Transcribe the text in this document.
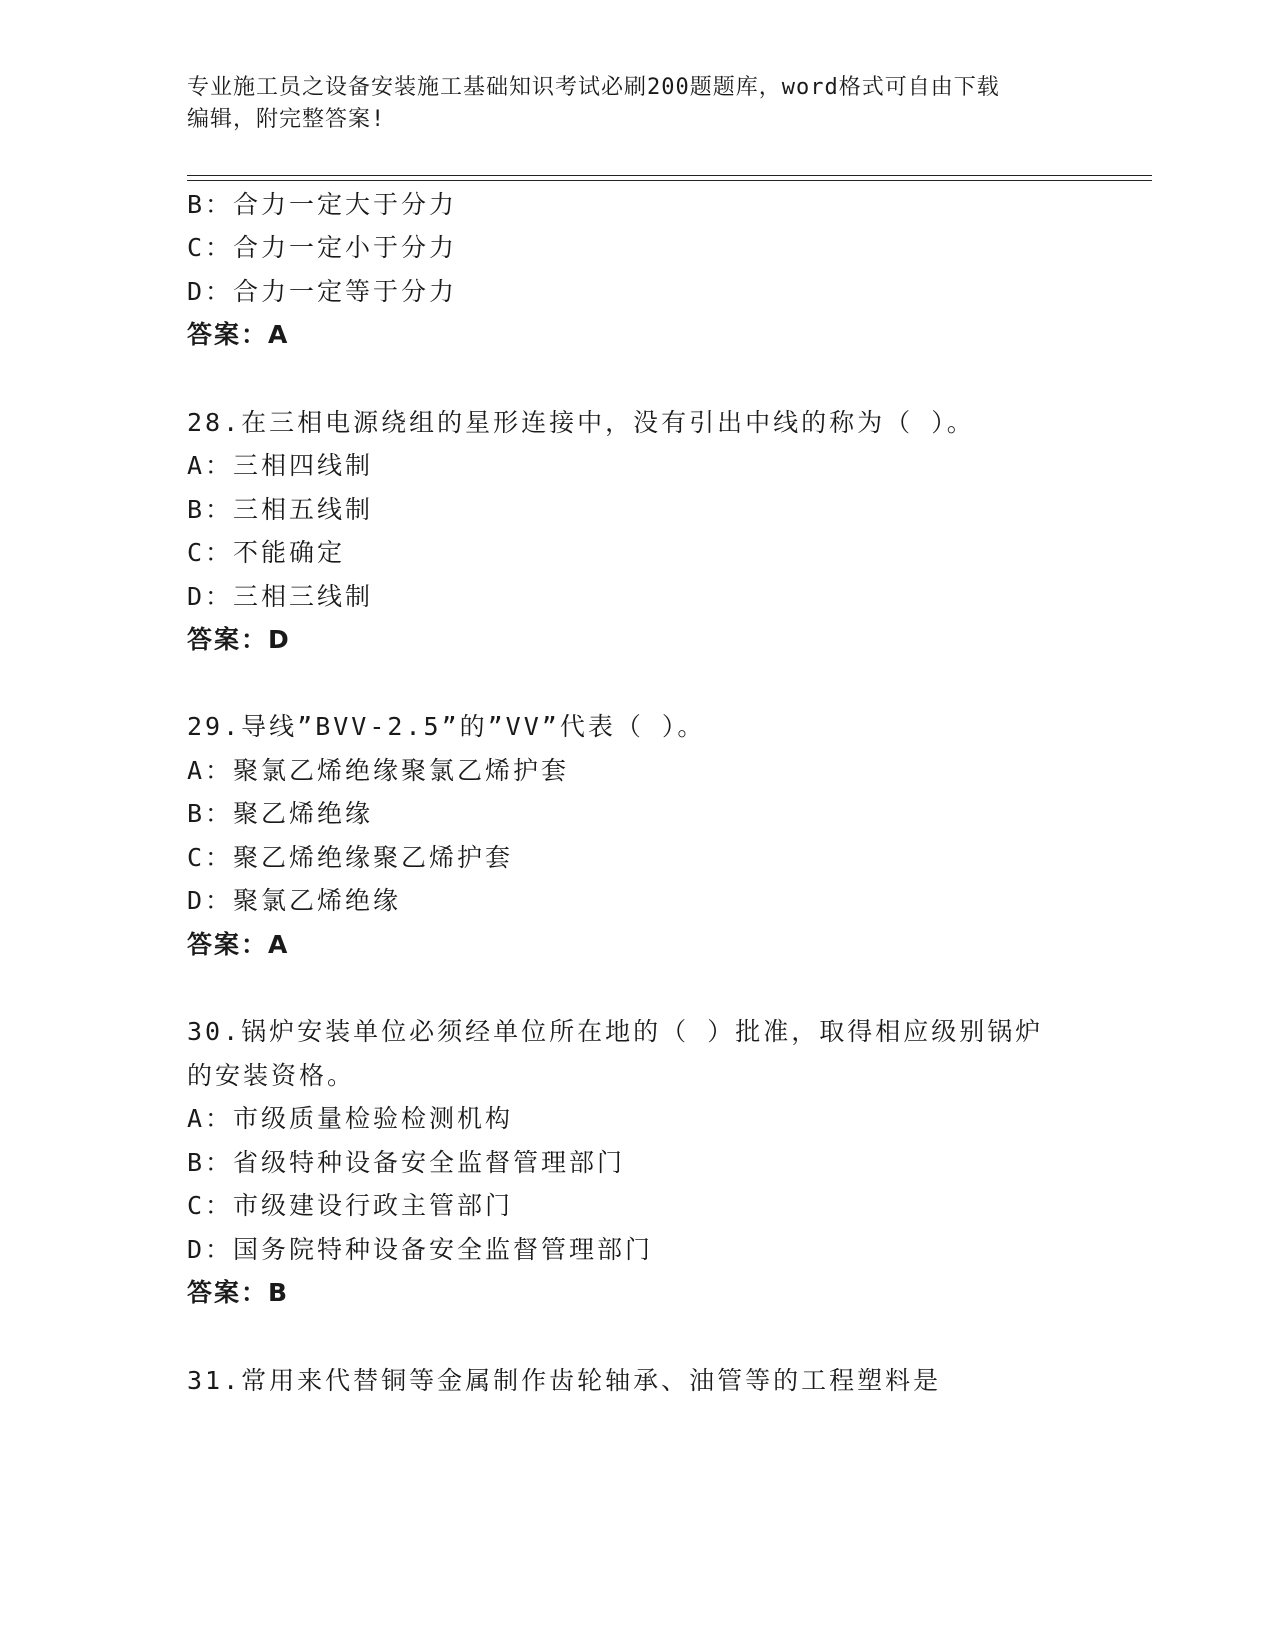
专业施工员之设备安装施工基础知识考试必刷200题题库，word格式可自由下载
编辑，附完整答案!
B：合力一定大于分力
C：合力一定小于分力
D：合力一定等于分力
答案：A
28.在三相电源绕组的星形连接中，没有引出中线的称为（ ）。
A：三相四线制
B：三相五线制
C：不能确定
D：三相三线制
答案：D
29.导线”BVV-2.5”的”VV”代表（ ）。
A：聚氯乙烯绝缘聚氯乙烯护套
B：聚乙烯绝缘
C：聚乙烯绝缘聚乙烯护套
D：聚氯乙烯绝缘
答案：A
30.锅炉安装单位必须经单位所在地的（ ）批准，取得相应级别锅炉
的安装资格。
A：市级质量检验检测机构
B：省级特种设备安全监督管理部门
C：市级建设行政主管部门
D：国务院特种设备安全监督管理部门
答案：B
31.常用来代替铜等金属制作齿轮轴承、油管等的工程塑料是
